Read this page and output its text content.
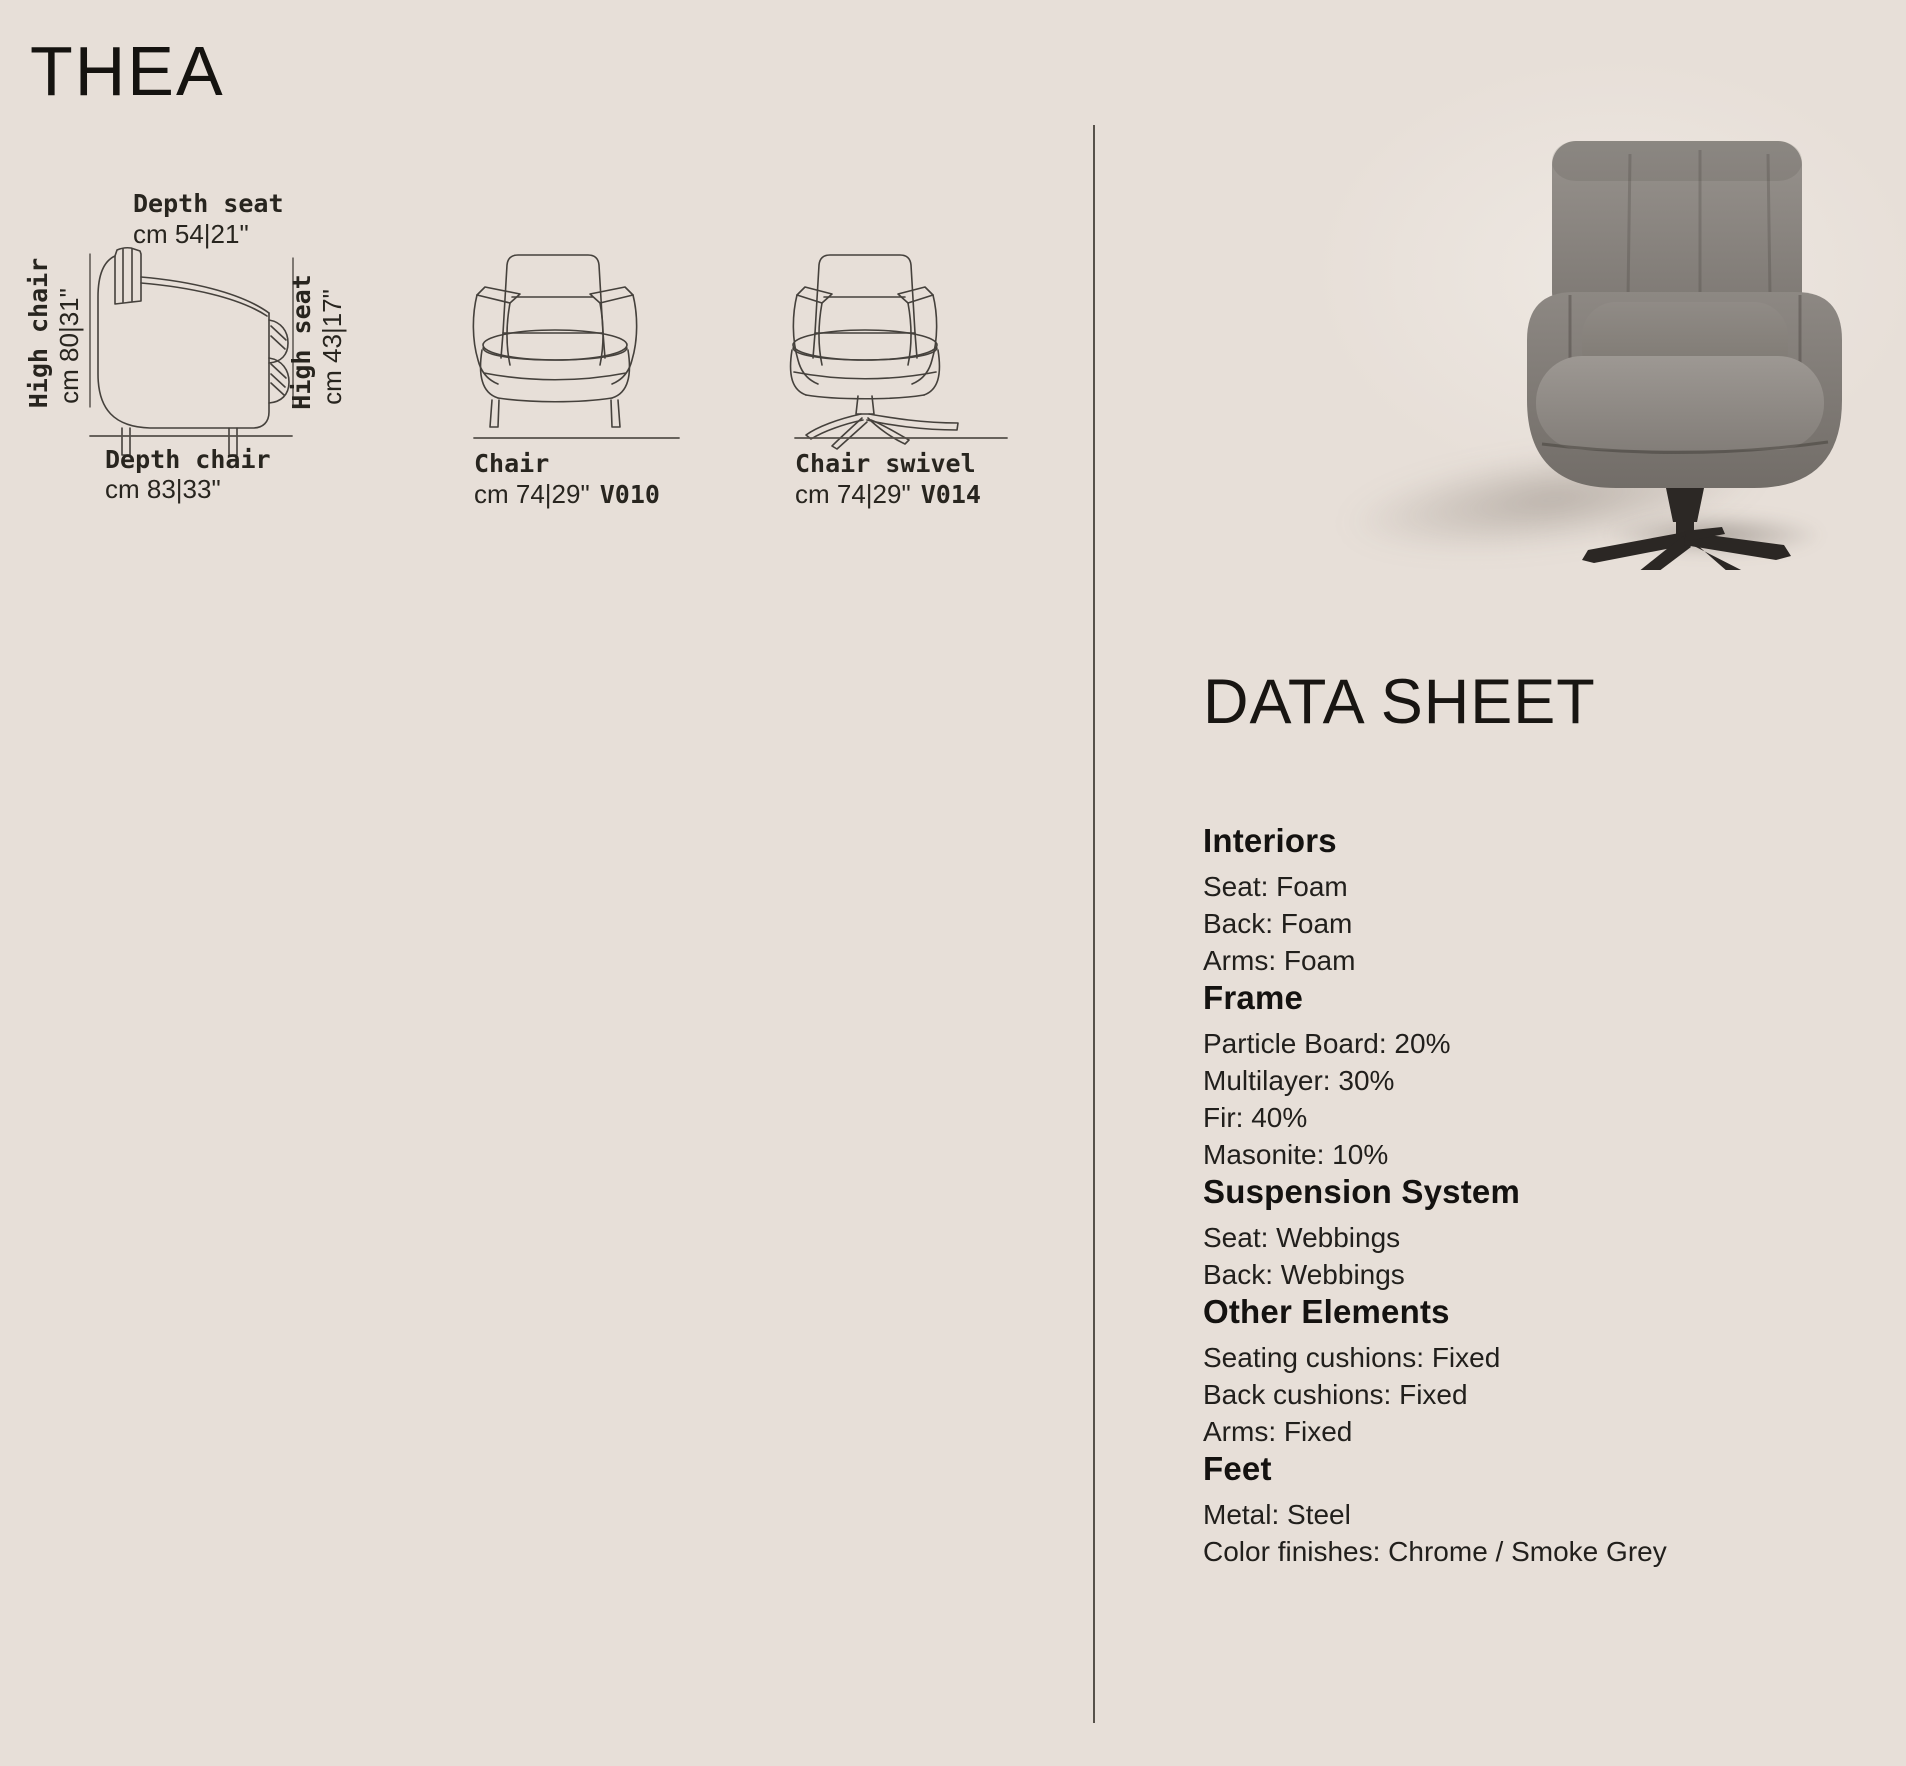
THEA
Depth seat
cm 54|21"
High chair cm 80|31"	High seat cm 43|17"
Depth chair
cm 83|33"
Chair
cm 74|29" V010
Chair swivel
cm 74|29" V014
DATA SHEET
Interiors

Seat: Foam

Back: Foam

Arms: Foam

Frame

Particle Board: 20%

Multilayer: 30%

Fir: 40%

Masonite: 10%

Suspension System

Seat: Webbings

Back: Webbings

Other Elements

Seating cushions: Fixed

Back cushions: Fixed

Arms: Fixed

Feet

Metal: Steel

Color finishes: Chrome / Smoke Grey
